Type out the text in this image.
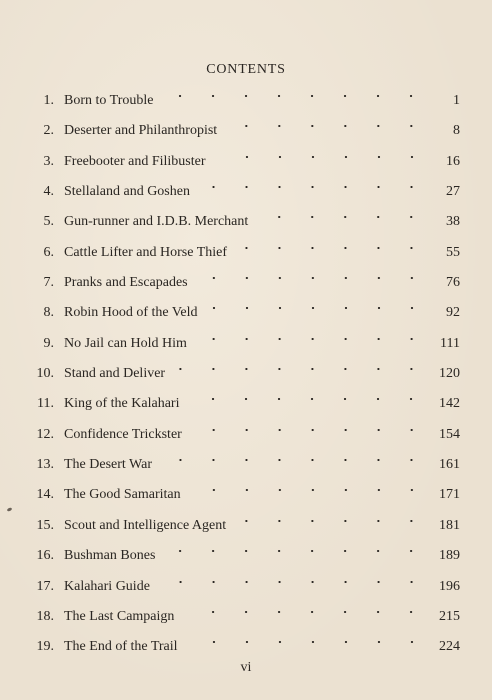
CONTENTS
1. Born to Trouble	1
2. Deserter and Philanthropist	8
3. Freebooter and Filibuster	16
4. Stellaland and Goshen	27
5. Gun-runner and I.D.B. Merchant	38
6. Cattle Lifter and Horse Thief	55
7. Pranks and Escapades	76
8. Robin Hood of the Veld	92
9. No Jail can Hold Him	111
10. Stand and Deliver	120
11. King of the Kalahari	142
12. Confidence Trickster	154
13. The Desert War	161
14. The Good Samaritan	171
15. Scout and Intelligence Agent	181
16. Bushman Bones	189
17. Kalahari Guide	196
18. The Last Campaign	215
19. The End of the Trail	224
vi
